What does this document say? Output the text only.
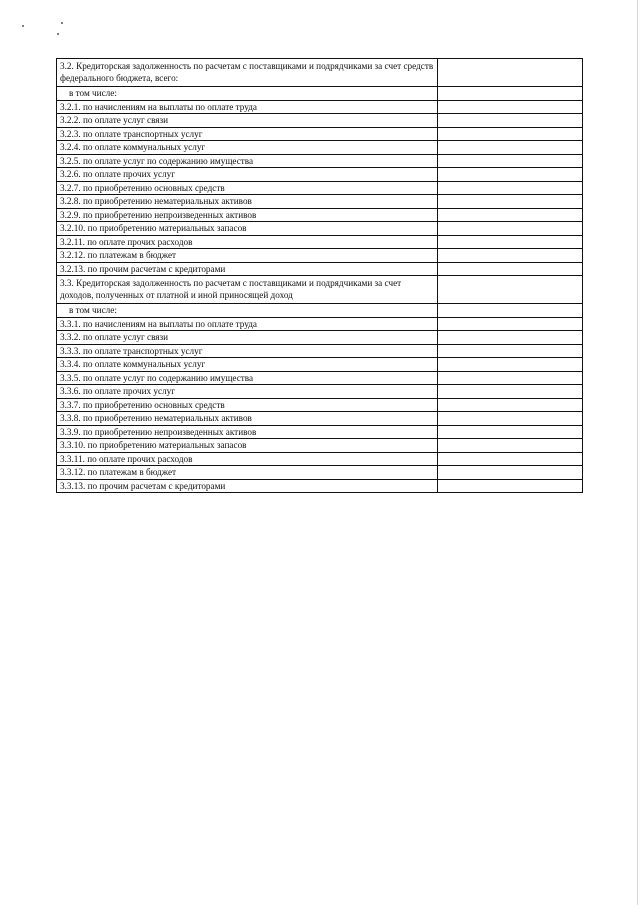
3.2. Кредиторская задолженность по расчетам с поставщиками и подрядчиками за счет средств федерального бюджета, всего:	
в том числе:	
3.2.1. по начислениям на выплаты по оплате труда	
3.2.2. по оплате услуг связи	
3.2.3. по оплате транспортных услуг	
3.2.4. по оплате коммунальных услуг	
3.2.5. по оплате услуг по содержанию имущества	
3.2.6. по оплате прочих услуг	
3.2.7. по приобретению основных средств	
3.2.8. по приобретению нематериальных активов	
3.2.9. по приобретению непроизведенных активов	
3.2.10. по приобретению материальных запасов	
3.2.11. по оплате прочих расходов	
3.2.12. по платежам в бюджет	
3.2.13. по прочим расчетам с кредиторами	
3.3. Кредиторская задолженность по расчетам с поставщиками и подрядчиками за счет доходов, полученных от платной и иной приносящей доход	
в том числе:	
3.3.1. по начислениям на выплаты по оплате труда	
3.3.2. по оплате услуг связи	
3.3.3. по оплате транспортных услуг	
3.3.4. по оплате коммунальных услуг	
3.3.5. по оплате услуг по содержанию имущества	
3.3.6. по оплате прочих услуг	
3.3.7. по приобретению основных средств	
3.3.8. по приобретению нематериальных активов	
3.3.9. по приобретению непроизведенных активов	
3.3.10. по приобретению материальных запасов	
3.3.11. по оплате прочих расходов	
3.3.12. по платежам в бюджет	
3.3.13. по прочим расчетам с кредиторами	
